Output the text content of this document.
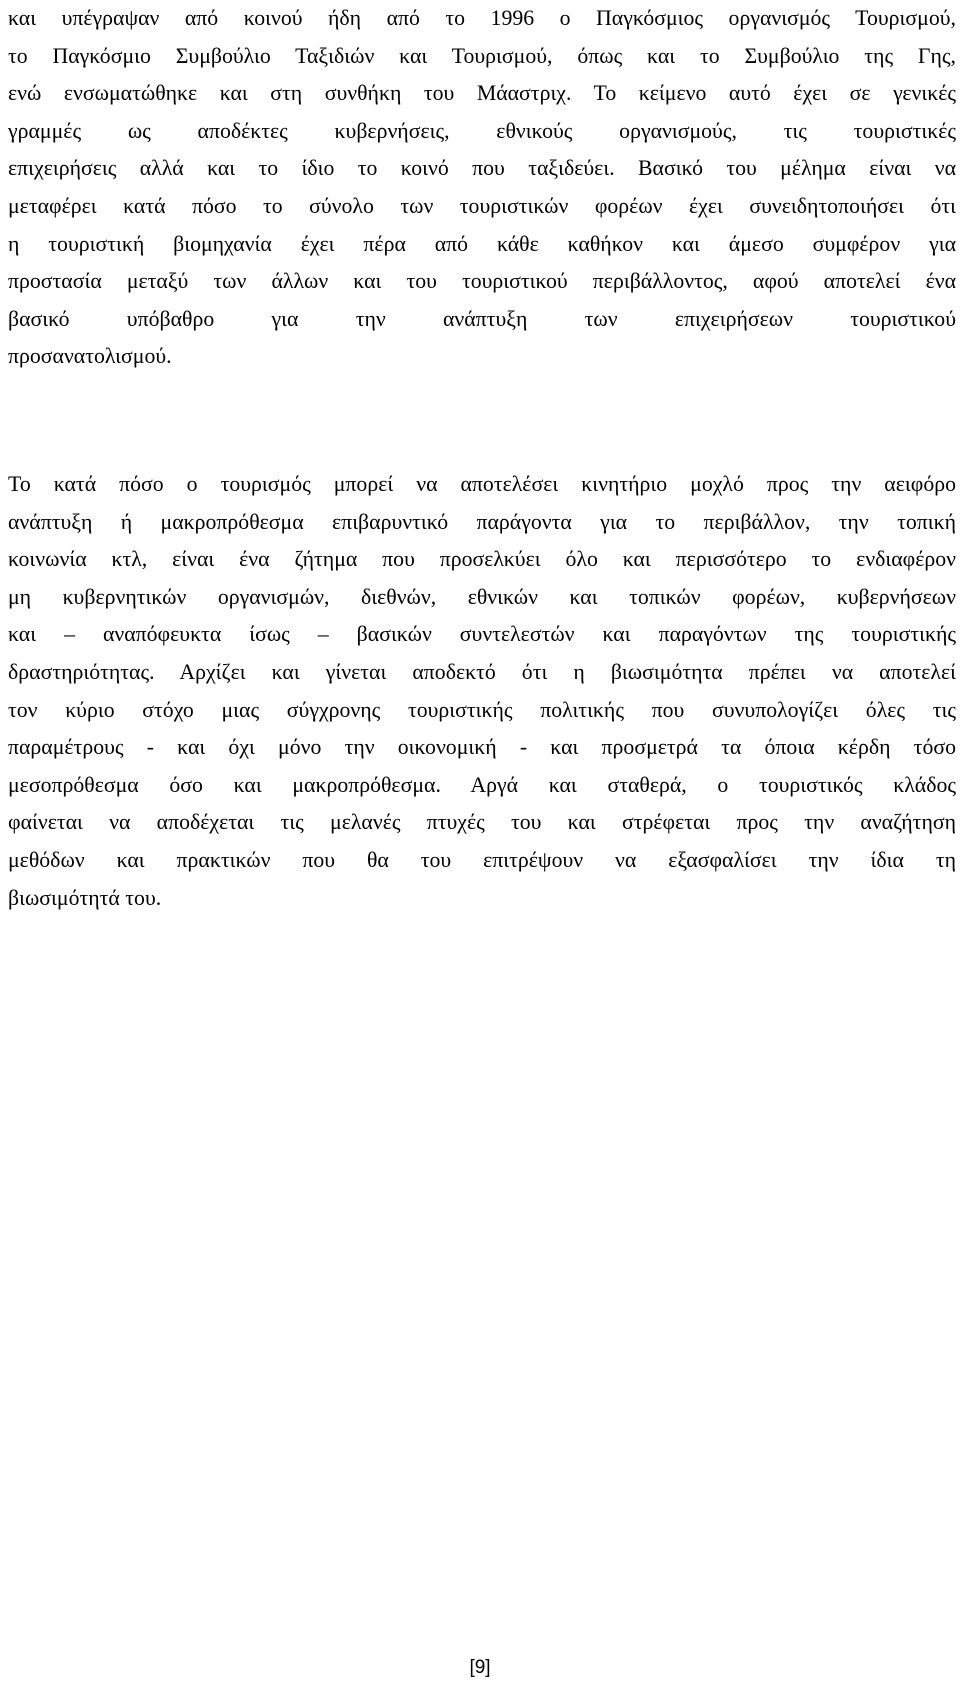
και υπέγραψαν από κοινού ήδη από το 1996 ο Παγκόσμιος οργανισμός Τουρισμού,
το Παγκόσμιο Συμβούλιο Ταξιδιών και Τουρισμού, όπως και το Συμβούλιο της Γης,
ενώ ενσωματώθηκε και στη συνθήκη του Μάαστριχ. Το κείμενο αυτό έχει σε γενικές
γραμμές ως αποδέκτες κυβερνήσεις, εθνικούς οργανισμούς, τις τουριστικές
επιχειρήσεις αλλά και το ίδιο το κοινό που ταξιδεύει. Βασικό του μέλημα είναι να
μεταφέρει κατά πόσο το σύνολο των τουριστικών φορέων έχει συνειδητοποιήσει ότι
η τουριστική βιομηχανία έχει πέρα από κάθε καθήκον και άμεσο συμφέρον για
προστασία μεταξύ των άλλων και του τουριστικού περιβάλλοντος, αφού αποτελεί ένα
βασικό υπόβαθρο για την ανάπτυξη των επιχειρήσεων τουριστικού
προσανατολισμού.
Το κατά πόσο ο τουρισμός μπορεί να αποτελέσει κινητήριο μοχλό προς την αειφόρο
ανάπτυξη ή μακροπρόθεσμα επιβαρυντικό παράγοντα για το περιβάλλον, την τοπική
κοινωνία κτλ, είναι ένα ζήτημα που προσελκύει όλο και περισσότερο το ενδιαφέρον
μη κυβερνητικών οργανισμών, διεθνών, εθνικών και τοπικών φορέων, κυβερνήσεων
και – αναπόφευκτα ίσως – βασικών συντελεστών και παραγόντων της τουριστικής
δραστηριότητας. Αρχίζει και γίνεται αποδεκτό ότι η βιωσιμότητα πρέπει να αποτελεί
τον κύριο στόχο μιας σύγχρονης τουριστικής πολιτικής που συνυπολογίζει όλες τις
παραμέτρους - και όχι μόνο την οικονομική - και προσμετρά τα όποια κέρδη τόσο
μεσοπρόθεσμα όσο και μακροπρόθεσμα. Αργά και σταθερά, ο τουριστικός κλάδος
φαίνεται να αποδέχεται τις μελανές πτυχές του και στρέφεται προς την αναζήτηση
μεθόδων και πρακτικών που θα του επιτρέψουν να εξασφαλίσει την ίδια τη
βιωσιμότητά του.
[9]
